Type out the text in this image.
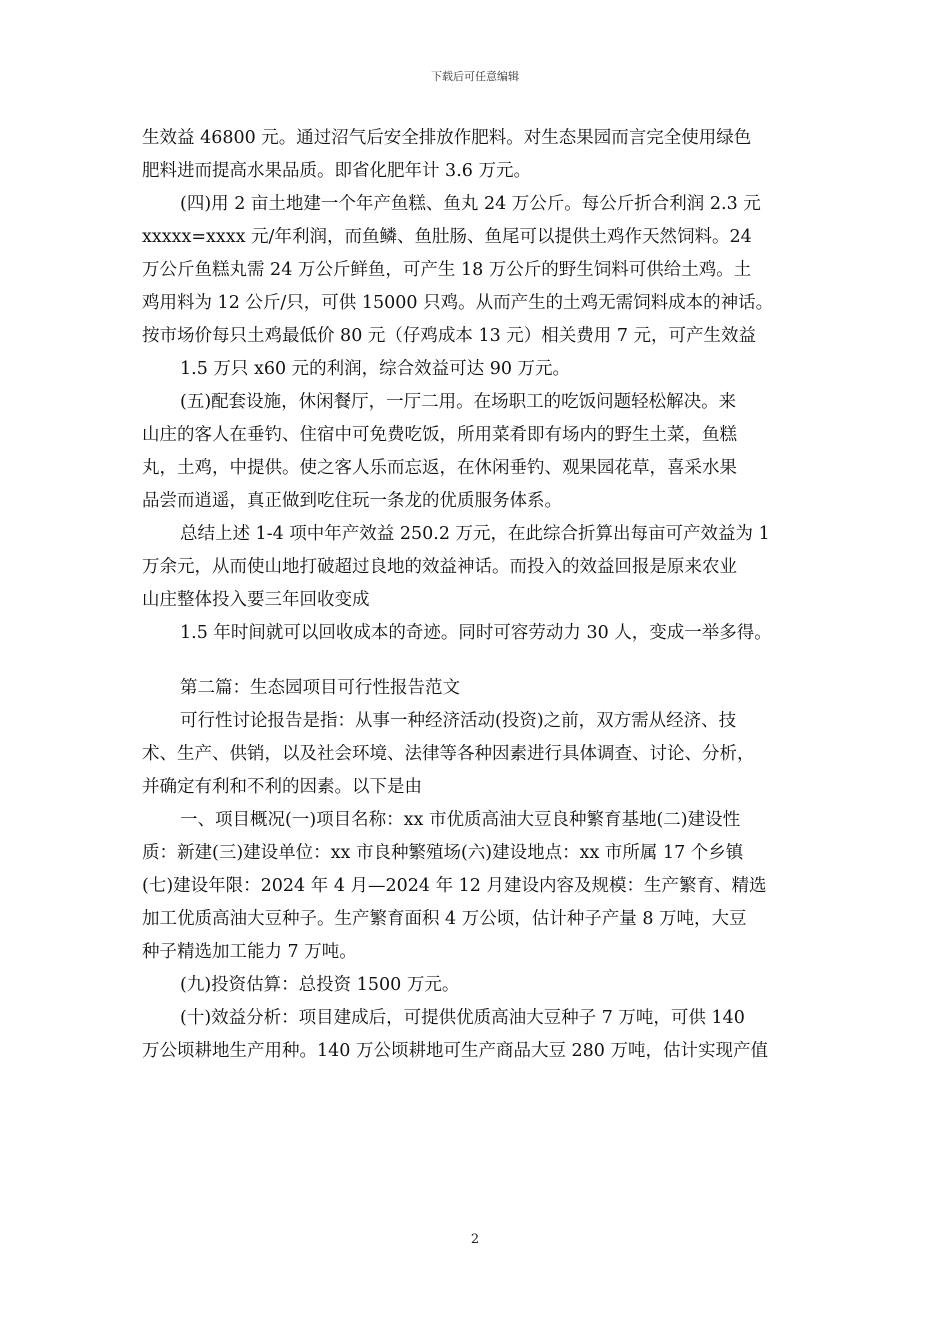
下载后可任意编辑
生效益 46800 元。通过沼气后安全排放作肥料。对生态果园而言完全使用绿色
肥料进而提高水果品质。即省化肥年计 3.6 万元。
(四)用 2 亩土地建一个年产鱼糕、鱼丸 24 万公斤。每公斤折合利润 2.3 元
xxxxx=xxxx 元/年利润，而鱼鳞、鱼肚肠、鱼尾可以提供土鸡作天然饲料。24
万公斤鱼糕丸需 24 万公斤鲜鱼，可产生 18 万公斤的野生饲料可供给土鸡。土
鸡用料为 12 公斤/只，可供 15000 只鸡。从而产生的土鸡无需饲料成本的神话。
按市场价每只土鸡最低价 80 元（仔鸡成本 13 元）相关费用 7 元，可产生效益
1.5 万只 x60 元的利润，综合效益可达 90 万元。
(五)配套设施，休闲餐厅，一厅二用。在场职工的吃饭问题轻松解决。来
山庄的客人在垂钓、住宿中可免费吃饭，所用菜肴即有场内的野生土菜，鱼糕
丸，土鸡，中提供。使之客人乐而忘返，在休闲垂钓、观果园花草，喜采水果
品尝而逍遥，真正做到吃住玩一条龙的优质服务体系。
总结上述 1-4 项中年产效益 250.2 万元，在此综合折算出每亩可产效益为 1
万余元，从而使山地打破超过良地的效益神话。而投入的效益回报是原来农业
山庄整体投入要三年回收变成
1.5 年时间就可以回收成本的奇迹。同时可容劳动力 30 人，变成一举多得。
第二篇：生态园项目可行性报告范文
可行性讨论报告是指：从事一种经济活动(投资)之前，双方需从经济、技
术、生产、供销，以及社会环境、法律等各种因素进行具体调查、讨论、分析，
并确定有利和不利的因素。以下是由
一、项目概况(一)项目名称：xx 市优质高油大豆良种繁育基地(二)建设性
质：新建(三)建设单位：xx 市良种繁殖场(六)建设地点：xx 市所属 17 个乡镇
(七)建设年限：2024 年 4 月—2024 年 12 月建设内容及规模：生产繁育、精选
加工优质高油大豆种子。生产繁育面积 4 万公顷，估计种子产量 8 万吨，大豆
种子精选加工能力 7 万吨。
(九)投资估算：总投资 1500 万元。
(十)效益分析：项目建成后，可提供优质高油大豆种子 7 万吨，可供 140
万公顷耕地生产用种。140 万公顷耕地可生产商品大豆 280 万吨，估计实现产值
2
